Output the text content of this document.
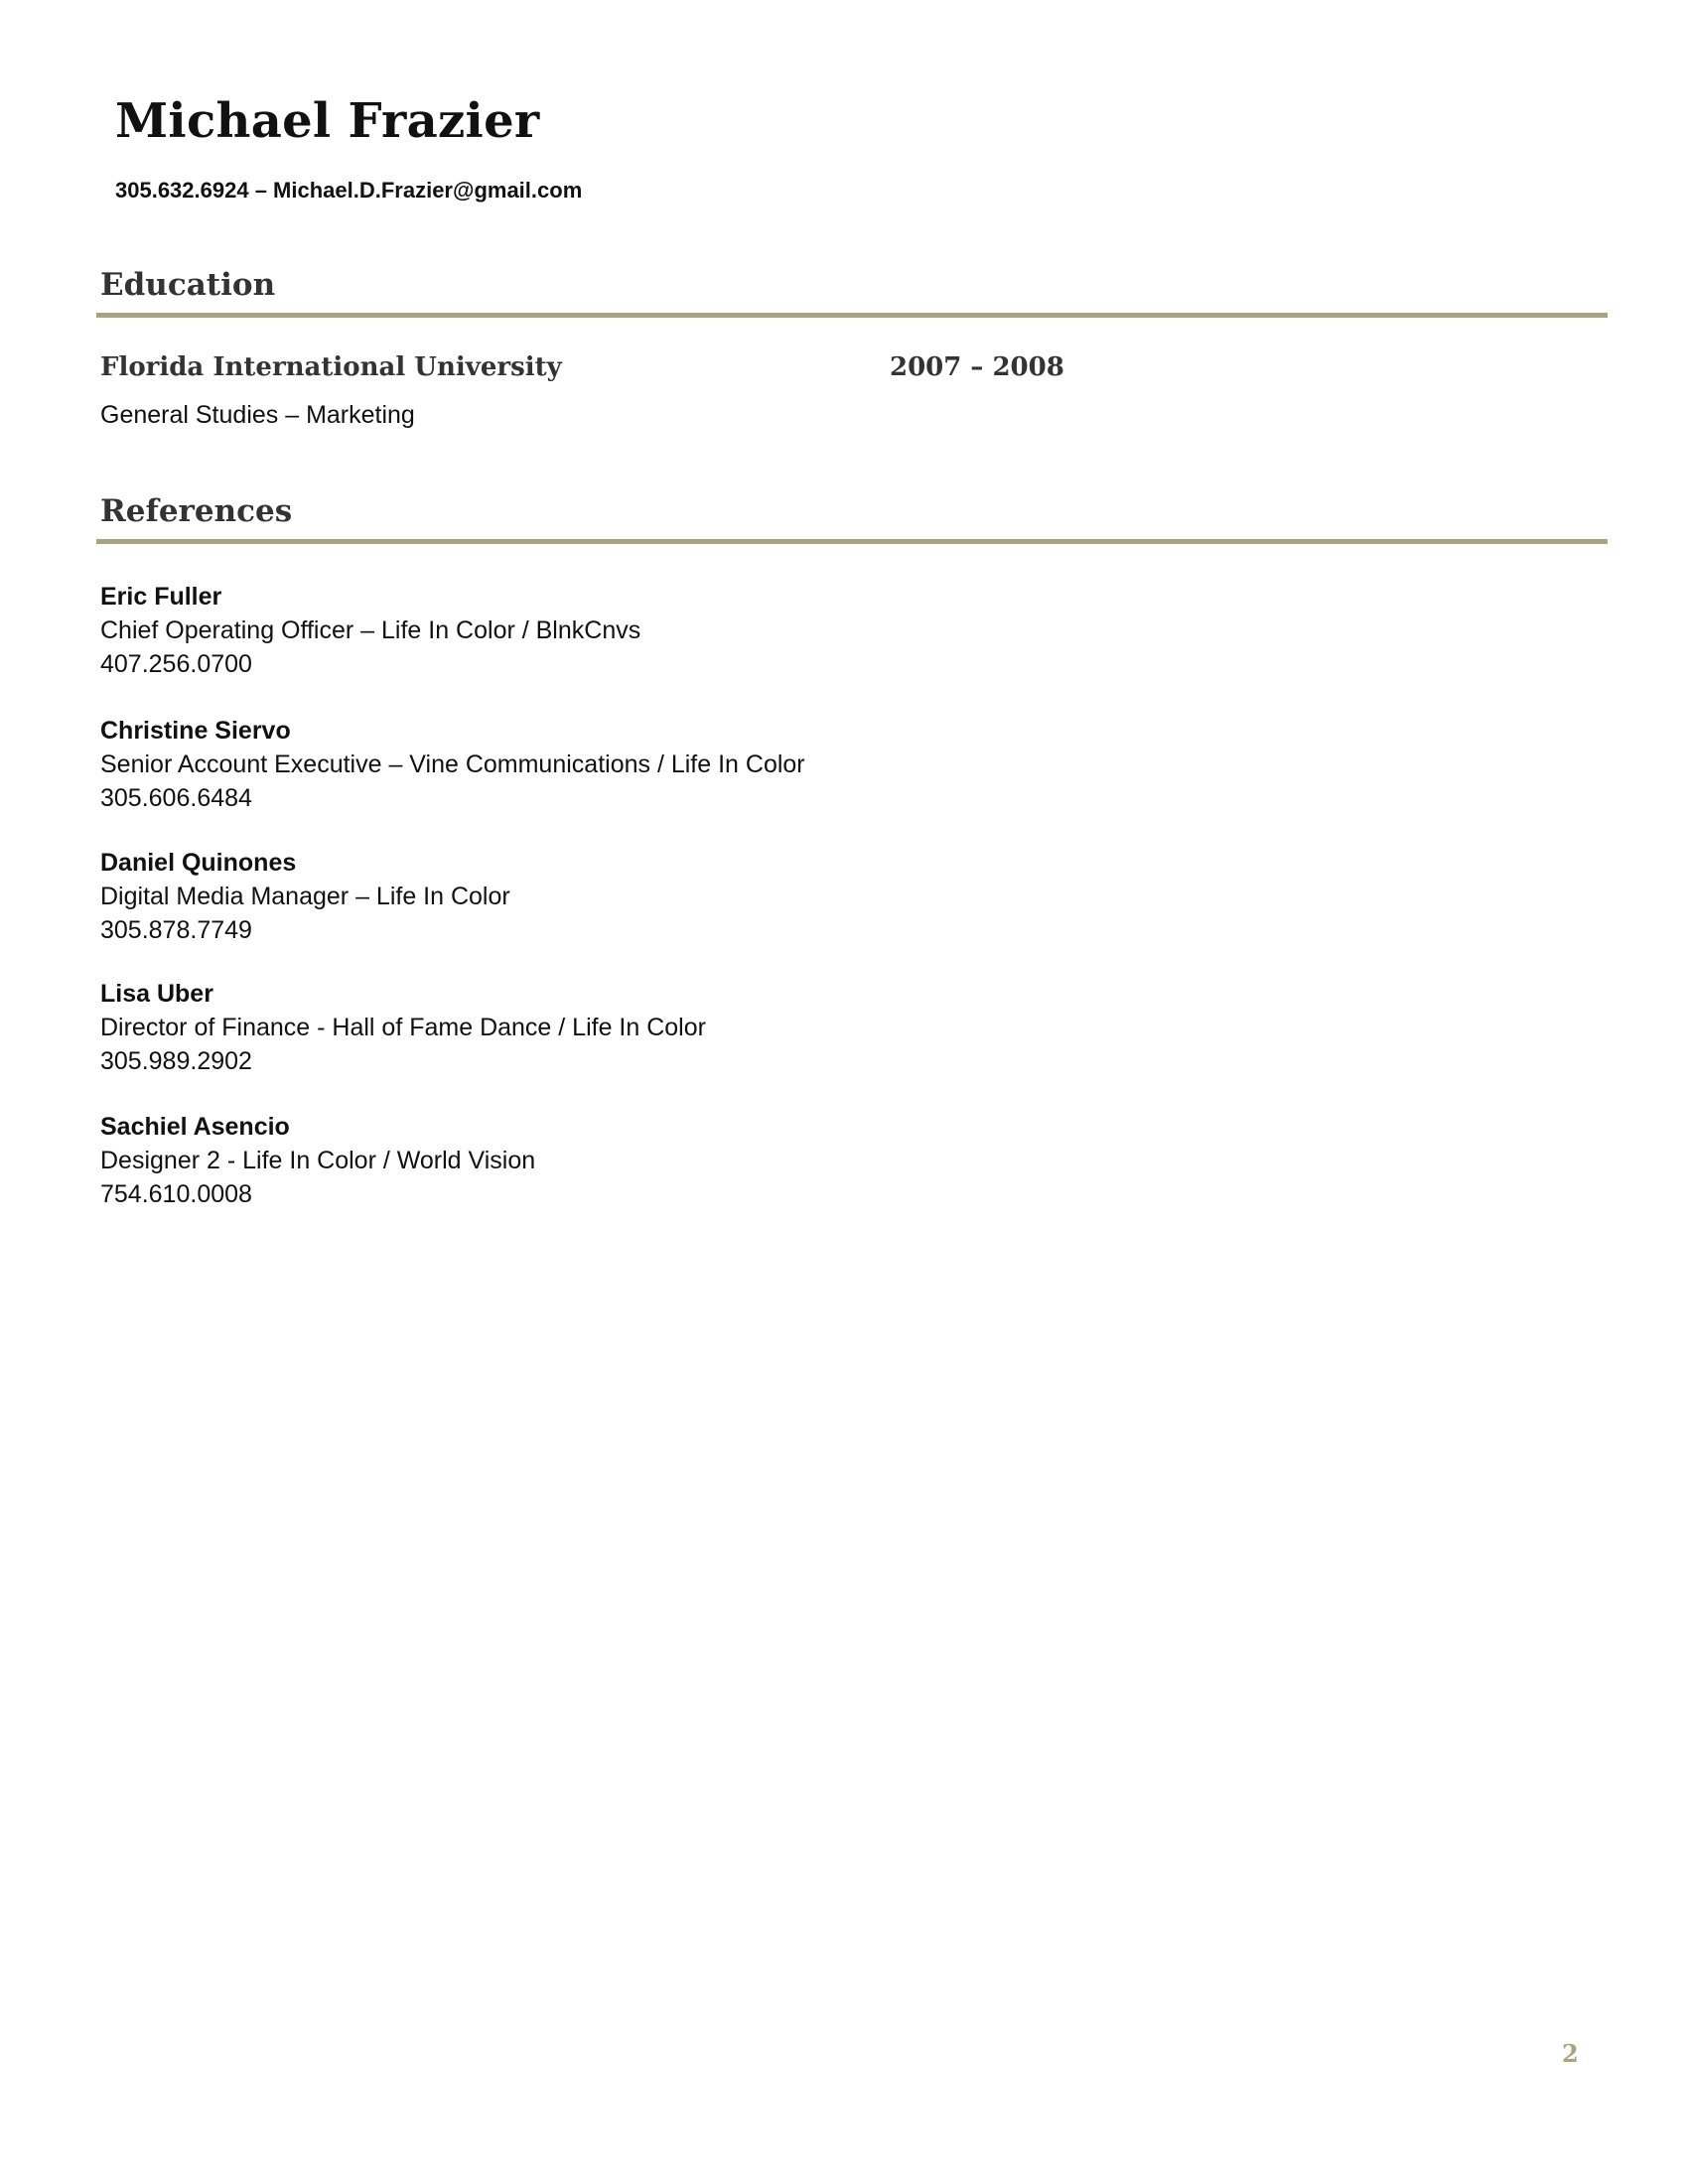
Michael Frazier
305.632.6924 – Michael.D.Frazier@gmail.com
Education
Florida International University	2007 – 2008
General Studies – Marketing
References
Eric Fuller
Chief Operating Officer – Life In Color / BlnkCnvs
407.256.0700
Christine Siervo
Senior Account Executive – Vine Communications / Life In Color
305.606.6484
Daniel Quinones
Digital Media Manager – Life In Color
305.878.7749
Lisa Uber
Director of Finance - Hall of Fame Dance / Life In Color
305.989.2902
Sachiel Asencio
Designer 2 - Life In Color / World Vision
754.610.0008
2
